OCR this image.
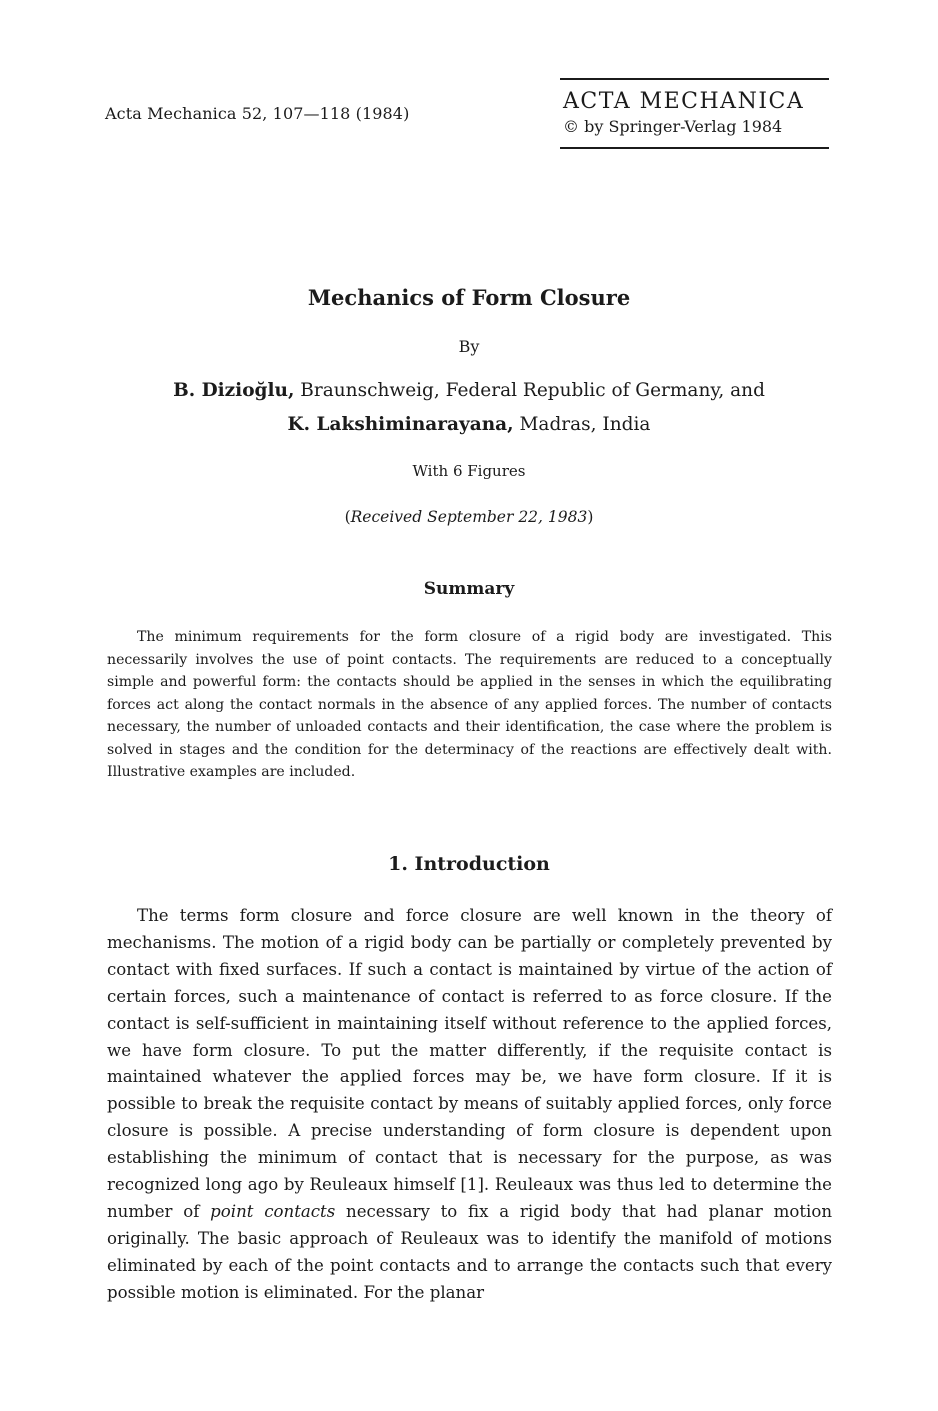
Acta Mechanica 52, 107—118 (1984)	ACTA MECHANICA
© by Springer-Verlag 1984
Mechanics of Form Closure
By
B. Dizioğlu, Braunschweig, Federal Republic of Germany, and
K. Lakshiminarayana, Madras, India
With 6 Figures
(Received September 22, 1983)
Summary
The minimum requirements for the form closure of a rigid body are investigated. This necessarily involves the use of point contacts. The requirements are reduced to a conceptually simple and powerful form: the contacts should be applied in the senses in which the equilibrating forces act along the contact normals in the absence of any applied forces. The number of contacts necessary, the number of unloaded contacts and their identification, the case where the problem is solved in stages and the condition for the determinacy of the reactions are effectively dealt with. Illustrative examples are included.
1. Introduction
The terms form closure and force closure are well known in the theory of mechanisms. The motion of a rigid body can be partially or completely prevented by contact with fixed surfaces. If such a contact is maintained by virtue of the action of certain forces, such a maintenance of contact is referred to as force closure. If the contact is self-sufficient in maintaining itself without reference to the applied forces, we have form closure. To put the matter differently, if the requisite contact is maintained whatever the applied forces may be, we have form closure. If it is possible to break the requisite contact by means of suitably applied forces, only force closure is possible. A precise understanding of form closure is dependent upon establishing the minimum of contact that is necessary for the purpose, as was recognized long ago by Reuleaux himself [1]. Reuleaux was thus led to determine the number of point contacts necessary to fix a rigid body that had planar motion originally. The basic approach of Reuleaux was to identify the manifold of motions eliminated by each of the point contacts and to arrange the contacts such that every possible motion is eliminated. For the planar
